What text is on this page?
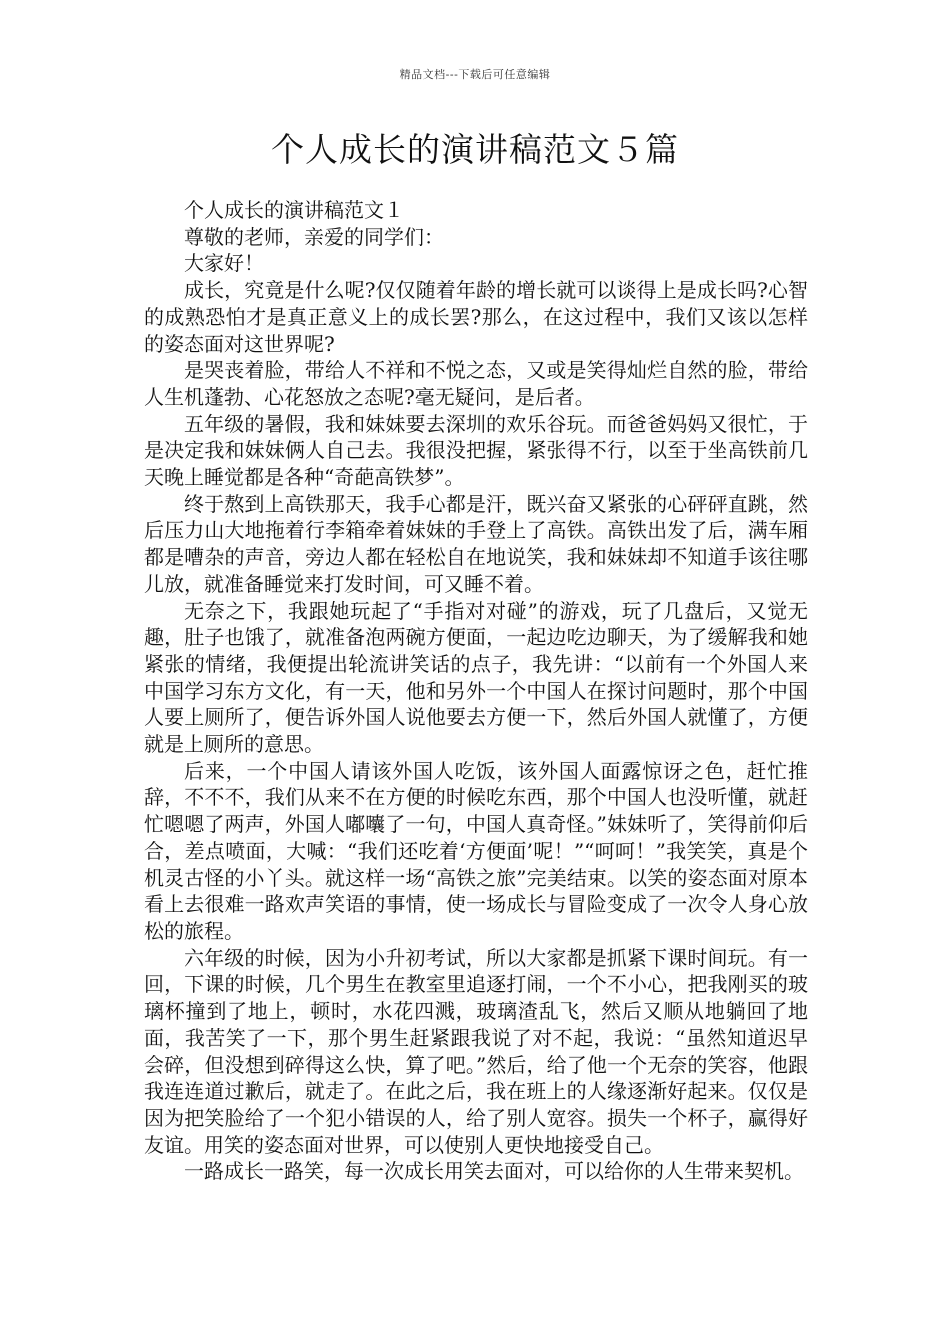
精品文档---下载后可任意编辑
个人成长的演讲稿范文５篇

个人成长的演讲稿范文１

尊敬的老师，亲爱的同学们：

大家好！

成长，究竟是什么呢?仅仅随着年龄的增长就可以谈得上是成长吗?心智的成熟恐怕才是真正意义上的成长罢?那么，在这过程中，我们又该以怎样的姿态面对这世界呢?

是哭丧着脸，带给人不祥和不悦之态，又或是笑得灿烂自然的脸，带给人生机蓬勃、心花怒放之态呢?毫无疑问，是后者。

五年级的暑假，我和妹妹要去深圳的欢乐谷玩。而爸爸妈妈又很忙，于是决定我和妹妹俩人自己去。我很没把握，紧张得不行，以至于坐高铁前几天晚上睡觉都是各种“奇葩高铁梦”。

终于熬到上高铁那天，我手心都是汗，既兴奋又紧张的心砰砰直跳，然后压力山大地拖着行李箱牵着妹妹的手登上了高铁。高铁出发了后，满车厢都是嘈杂的声音，旁边人都在轻松自在地说笑，我和妹妹却不知道手该往哪儿放，就准备睡觉来打发时间，可又睡不着。

无奈之下，我跟她玩起了“手指对对碰”的游戏，玩了几盘后，又觉无趣，肚子也饿了，就准备泡两碗方便面，一起边吃边聊天，为了缓解我和她紧张的情绪，我便提出轮流讲笑话的点子，我先讲：“以前有一个外国人来中国学习东方文化，有一天，他和另外一个中国人在探讨问题时，那个中国人要上厕所了，便告诉外国人说他要去方便一下，然后外国人就懂了，方便就是上厕所的意思。

后来，一个中国人请该外国人吃饭，该外国人面露惊讶之色，赶忙推辞，不不不，我们从来不在方便的时候吃东西，那个中国人也没听懂，就赶忙嗯嗯了两声，外国人嘟囔了一句，中国人真奇怪。”妹妹听了，笑得前仰后合，差点喷面，大喊：“我们还吃着‘方便面’呢！”“呵呵！”我笑笑，真是个机灵古怪的小丫头。就这样一场“高铁之旅”完美结束。以笑的姿态面对原本看上去很难一路欢声笑语的事情，使一场成长与冒险变成了一次令人身心放松的旅程。

六年级的时候，因为小升初考试，所以大家都是抓紧下课时间玩。有一回，下课的时候，几个男生在教室里追逐打闹，一个不小心，把我刚买的玻璃杯撞到了地上，顿时，水花四溅，玻璃渣乱飞，然后又顺从地躺回了地面，我苦笑了一下，那个男生赶紧跟我说了对不起，我说：“虽然知道迟早会碎，但没想到碎得这么快，算了吧。”然后，给了他一个无奈的笑容，他跟我连连道过歉后，就走了。在此之后，我在班上的人缘逐渐好起来。仅仅是因为把笑脸给了一个犯小错误的人，给了别人宽容。损失一个杯子，赢得好友谊。用笑的姿态面对世界，可以使别人更快地接受自己。

一路成长一路笑，每一次成长用笑去面对，可以给你的人生带来契机。
